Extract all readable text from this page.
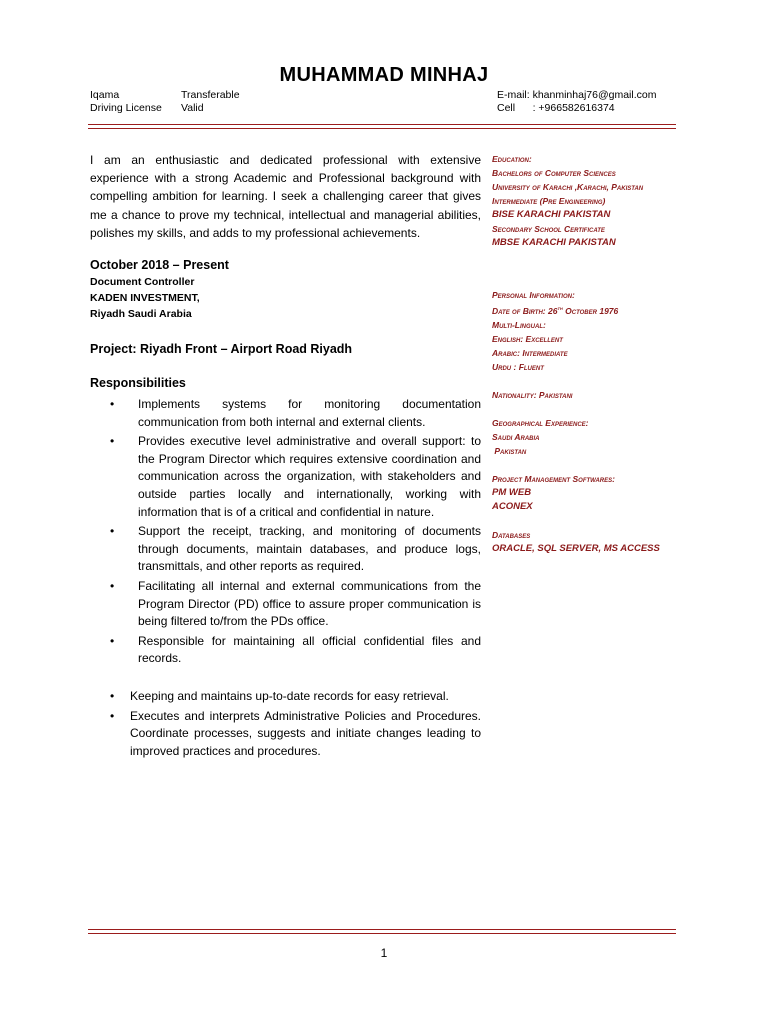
MUHAMMAD MINHAJ
Iqama	Transferable
Driving License	Valid
E-mail: khanminhaj76@gmail.com
Cell      : +966582616374
I am an enthusiastic and dedicated professional with extensive experience with a strong Academic and Professional background with compelling ambition for learning. I seek a challenging career that gives me a chance to prove my technical, intellectual and managerial abilities, polishes my skills, and adds to my professional achievements.
October 2018 – Present
Document Controller
KADEN INVESTMENT,
Riyadh Saudi Arabia
Project: Riyadh Front – Airport Road Riyadh
Responsibilities
• Implements systems for monitoring documentation communication from both internal and external clients.
• Provides executive level administrative and overall support: to the Program Director which requires extensive coordination and communication across the organization, with stakeholders and outside parties locally and internationally, working with information that is of a critical and confidential in nature.
• Support the receipt, tracking, and monitoring of documents through documents, maintain databases, and produce logs, transmittals, and other reports as required.
• Facilitating all internal and external communications from the Program Director (PD) office to assure proper communication is being filtered to/from the PDs office.
• Responsible for maintaining all official confidential files and records.
• Keeping and maintains up-to-date records for easy retrieval.
• Executes and interprets Administrative Policies and Procedures. Coordinate processes, suggests and initiate changes leading to improved practices and procedures.
Education:
Bachelors of Computer Sciences
University of Karachi ,Karachi, Pakistan
Intermediate (Pre Engineering)
BISE KARACHI PAKISTAN
Secondary School Certificate
MBSE KARACHI PAKISTAN
Personal Information:
Date of Birth: 26th October 1976
Multi-Lingual:
English: Excellent
Arabic: Intermediate
Urdu : Fluent
Nationality: Pakistani
Geographical Experience:
Saudi Arabia
Pakistan
Project Management Softwares:
PM WEB
ACONEX
Databases
ORACLE, SQL SERVER, MS ACCESS
1
